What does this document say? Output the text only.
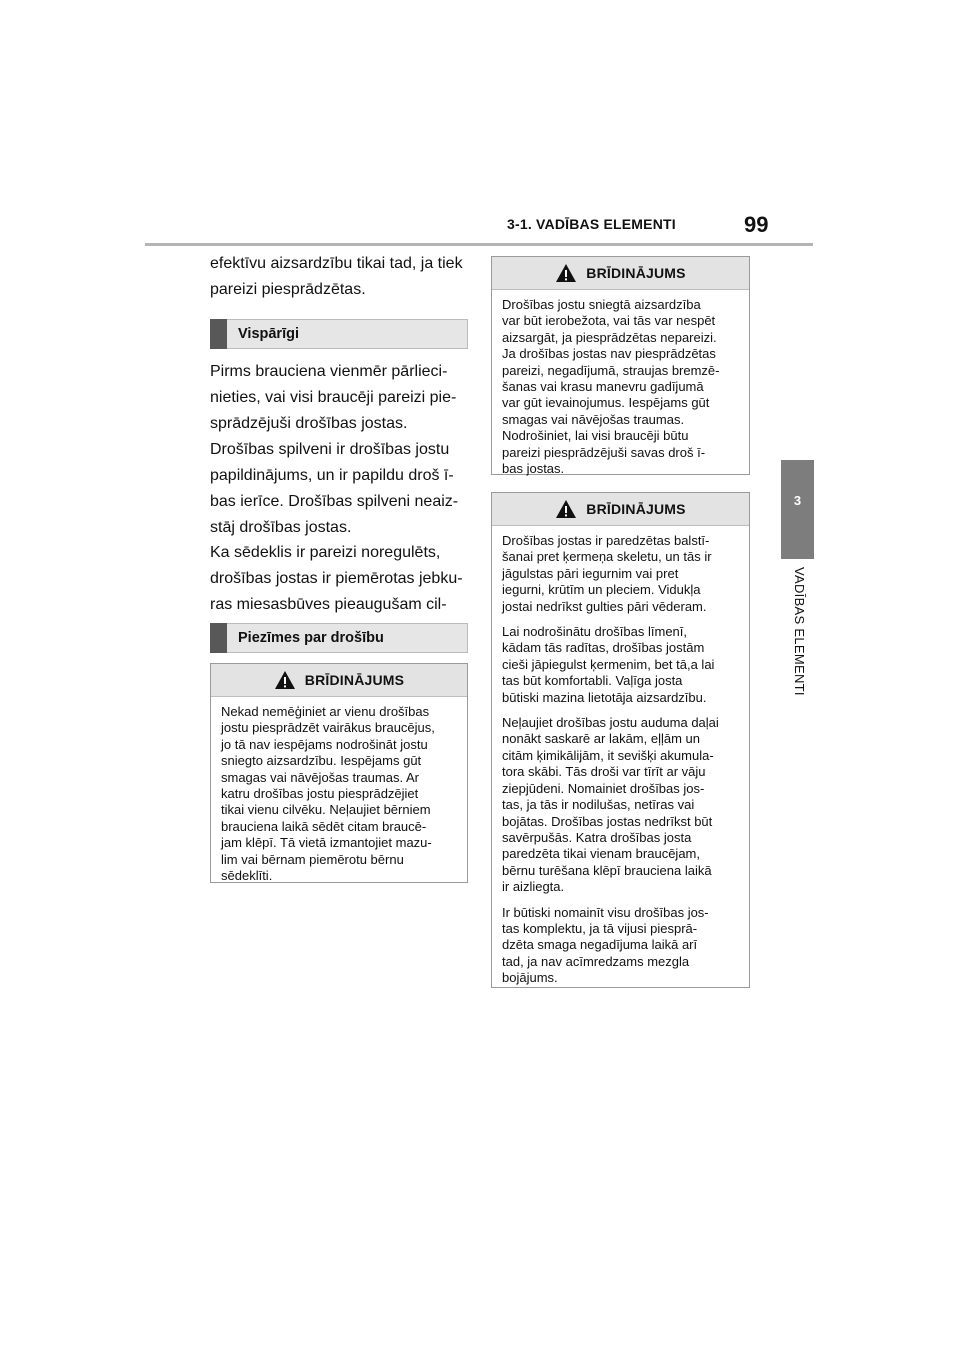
3-1. VADĪBAS ELEMENTI	99
3
VADĪBAS ELEMENTI

efektīvu aizsardzību tikai tad, ja tiek
pareizi piesprādzētas.

Vispārīgi

Pirms brauciena vienmēr pārlieci-
nieties, vai visi braucēji pareizi pie-
sprādzējuši drošības jostas.
Drošības spilveni ir drošības jostu
papildinājums, un ir papildu droš ī-
bas ierīce. Drošības spilveni neaiz-
stāj drošības jostas.

Ka sēdeklis ir pareizi noregulēts,
drošības jostas ir piemērotas jebku-
ras miesasbūves pieaugušam cil-

Piezīmes par drošību
BRĪDINĀJUMS

Nekad nemēģiniet ar vienu drošības
jostu piesprādzēt vairākus braucējus,
jo tā nav iespējams nodrošināt jostu
sniegto aizsardzību. Iespējams gūt
smagas vai nāvējošas traumas. Ar
katru drošības jostu piesprādzējiet
tikai vienu cilvēku. Neļaujiet bērniem
brauciena laikā sēdēt citam braucē-
jam klēpī. Tā vietā izmantojiet mazu-
lim vai bērnam piemērotu bērnu
sēdeklīti.

BRĪDINĀJUMS

Drošības jostu sniegtā aizsardzība
var būt ierobežota, vai tās var nespēt
aizsargāt, ja piesprādzētas nepareizi.
Ja drošības jostas nav piesprādzētas
pareizi, negadījumā, straujas bremzē-
šanas vai krasu manevru gadījumā
var gūt ievainojumus. Iespējams gūt
smagas vai nāvējošas traumas.
Nodrošiniet, lai visi braucēji būtu
pareizi piesprādzējuši savas droš ī-
bas jostas.

BRĪDINĀJUMS

Drošības jostas ir paredzētas balstī-
šanai pret ķermeņa skeletu, un tās ir
jāgulstas pāri iegurnim vai pret
iegurni, krūtīm un pleciem. Vidukļa
jostai nedrīkst gulties pāri vēderam.

Lai nodrošinātu drošības līmenī,
kādam tās radītas, drošības jostām
cieši jāpiegulst ķermenim, bet tā,a lai
tas būt komfortabli. Vaļīga josta
būtiski mazina lietotāja aizsardzību.

Neļaujiet drošības jostu auduma daļai
nonākt saskarē ar lakām, eļļām un
citām ķimikālijām, it sevišķi akumula-
tora skābi. Tās droši var tīrīt ar vāju
ziepjūdeni. Nomainiet drošības jos-
tas, ja tās ir nodilušas, netīras vai
bojātas. Drošības jostas nedrīkst būt
savērpušās. Katra drošības josta
paredzēta tikai vienam braucējam,
bērnu turēšana klēpī brauciena laikā
ir aizliegta.

Ir būtiski nomainīt visu drošības jos-
tas komplektu, ja tā vijusi piesprā-
dzēta smaga negadījuma laikā arī
tad, ja nav acīmredzams mezgla
bojājums.
